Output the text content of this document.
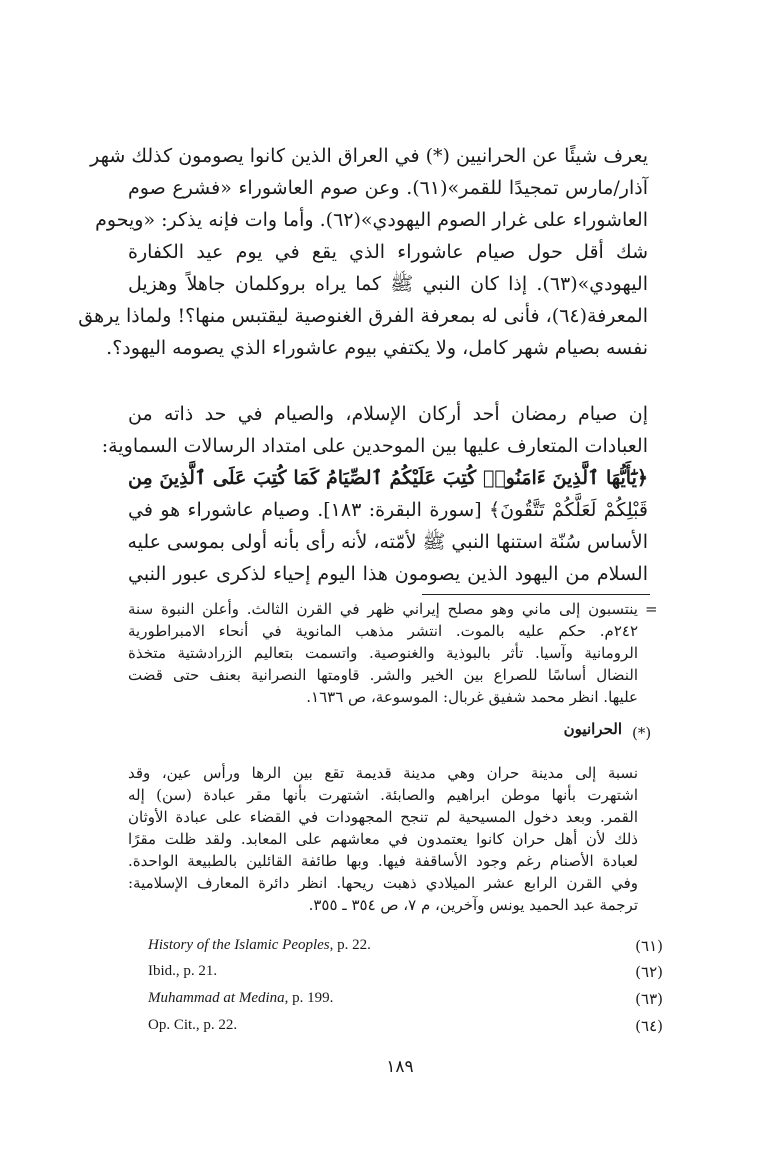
يعرف شيئًا عن الحرانيين (*) في العراق الذين كانوا يصومون كذلك شهر
آذار/مارس تمجيدًا للقمر»(٦١). وعن صوم العاشوراء «فشرع صوم
العاشوراء على غرار الصوم اليهودي»(٦٢). وأما وات فإنه يذكر: «ويحوم
شك أقل حول صيام عاشوراء الذي يقع في يوم عيد الكفارة
اليهودي»(٦٣). إذا كان النبي ﷺ كما يراه بروكلمان جاهلاً وهزيل
المعرفة(٦٤)، فأنى له بمعرفة الفرق الغنوصية ليقتبس منها؟! ولماذا يرهق
نفسه بصيام شهر كامل، ولا يكتفي بيوم عاشوراء الذي يصومه اليهود؟.
إن صيام رمضان أحد أركان الإسلام، والصيام في حد ذاته من
العبادات المتعارف عليها بين الموحدين على امتداد الرسالات السماوية:
﴿يَٰٓأَيُّهَا ٱلَّذِينَ ءَامَنُوا۟ كُتِبَ عَلَيْكُمُ ٱلصِّيَامُ كَمَا كُتِبَ عَلَى ٱلَّذِينَ مِن
قَبْلِكُمْ لَعَلَّكُمْ تَتَّقُونَ﴾ [سورة البقرة: ١٨٣]. وصيام عاشوراء هو في
الأساس سُنّة استنها النبي ﷺ لأمّته، لأنه رأى بأنه أولى بموسى عليه
السلام من اليهود الذين يصومون هذا اليوم إحياء لذكرى عبور النبي
=
ينتسبون إلى ماني وهو مصلح إيراني ظهر في القرن الثالث. وأعلن النبوة سنة
٢٤٢م. حكم عليه بالموت. انتشر مذهب المانوية في أنحاء الامبراطورية
الرومانية وآسيا. تأثر بالبوذية والغنوصية. واتسمت بتعاليم الزرادشتية متخذة
النضال أساسًا للصراع بين الخير والشر. قاومتها النصرانية بعنف حتى قضت
عليها. انظر محمد شفيق غربال: الموسوعة، ص ١٦٣٦.
(*)
الحرانيون
نسبة إلى مدينة حران وهي مدينة قديمة تقع بين الرها ورأس عين، وقد
اشتهرت بأنها موطن ابراهيم والصابئة. اشتهرت بأنها مقر عبادة (سن) إله
القمر. وبعد دخول المسيحية لم تنجح المجهودات في القضاء على عبادة الأوثان
ذلك لأن أهل حران كانوا يعتمدون في معاشهم على المعابد. ولقد ظلت مقرًا
لعبادة الأصنام رغم وجود الأساقفة فيها. وبها طائفة القائلين بالطبيعة الواحدة.
وفي القرن الرابع عشر الميلادي ذهبت ريحها. انظر دائرة المعارف الإسلامية:
ترجمة عبد الحميد يونس وآخرين، م ٧، ص ٣٥٤ ـ ٣٥٥.
History of the Islamic Peoples, p. 22.	(٦١)
Ibid., p. 21.	(٦٢)
Muhammad at Medina, p. 199.	(٦٣)
Op. Cit., p. 22.	(٦٤)
١٨٩
